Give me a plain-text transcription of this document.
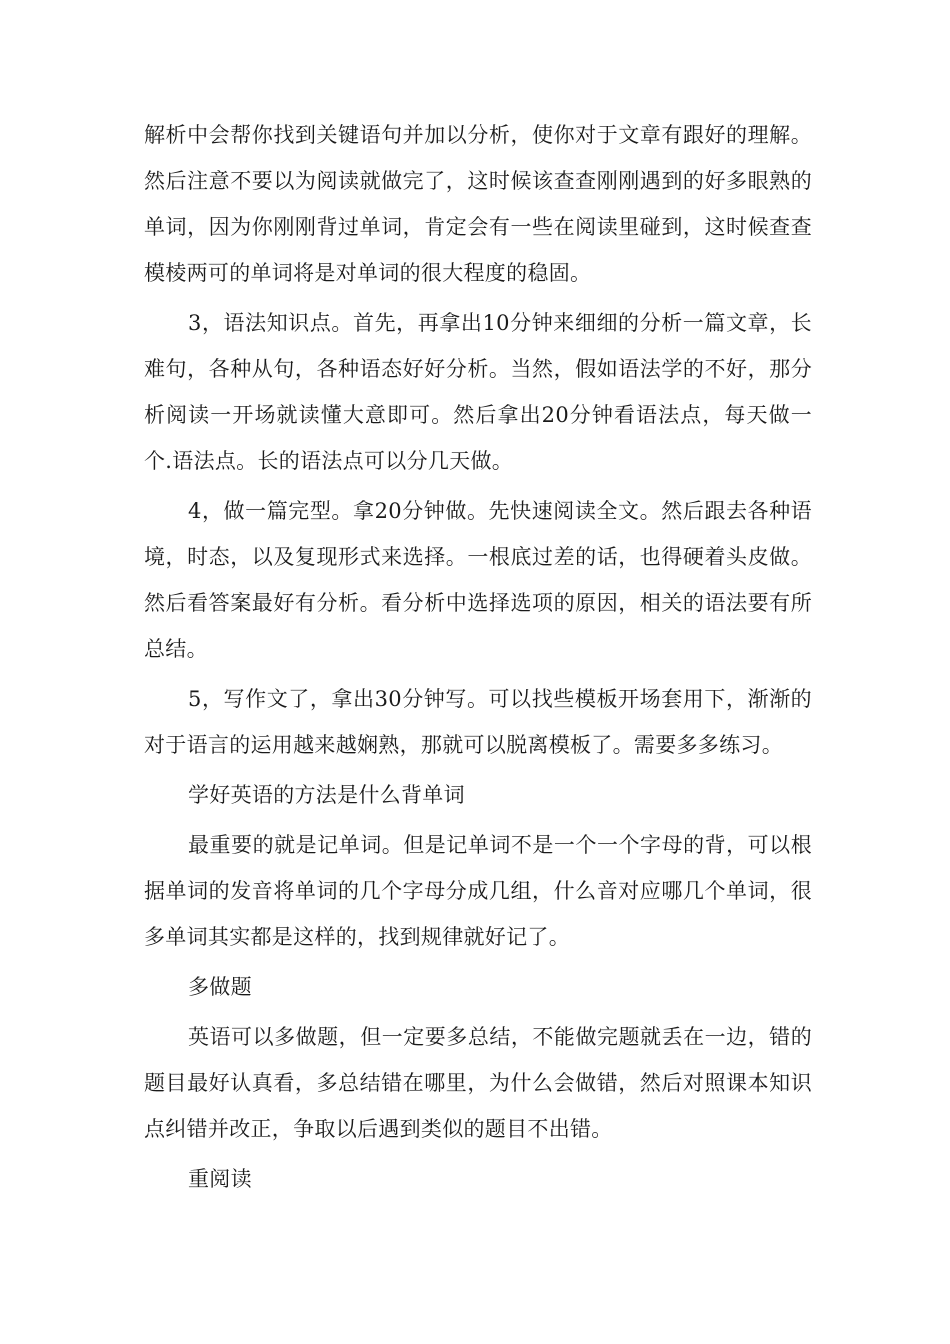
解析中会帮你找到关键语句并加以分析，使你对于文章有跟好的理解。然后注意不要以为阅读就做完了，这时候该查查刚刚遇到的好多眼熟的单词，因为你刚刚背过单词，肯定会有一些在阅读里碰到，这时候查查模棱两可的单词将是对单词的很大程度的稳固。

3，语法知识点。首先，再拿出10分钟来细细的分析一篇文章，长难句，各种从句，各种语态好好分析。当然，假如语法学的不好，那分析阅读一开场就读懂大意即可。然后拿出20分钟看语法点，每天做一个.语法点。长的语法点可以分几天做。

4，做一篇完型。拿20分钟做。先快速阅读全文。然后跟去各种语境，时态，以及复现形式来选择。一根底过差的话，也得硬着头皮做。然后看答案最好有分析。看分析中选择选项的原因，相关的语法要有所总结。

5，写作文了，拿出30分钟写。可以找些模板开场套用下，渐渐的对于语言的运用越来越娴熟，那就可以脱离模板了。需要多多练习。

学好英语的方法是什么背单词

最重要的就是记单词。但是记单词不是一个一个字母的背，可以根据单词的发音将单词的几个字母分成几组，什么音对应哪几个单词，很多单词其实都是这样的，找到规律就好记了。

多做题

英语可以多做题，但一定要多总结，不能做完题就丢在一边，错的题目最好认真看，多总结错在哪里，为什么会做错，然后对照课本知识点纠错并改正，争取以后遇到类似的题目不出错。

重阅读
